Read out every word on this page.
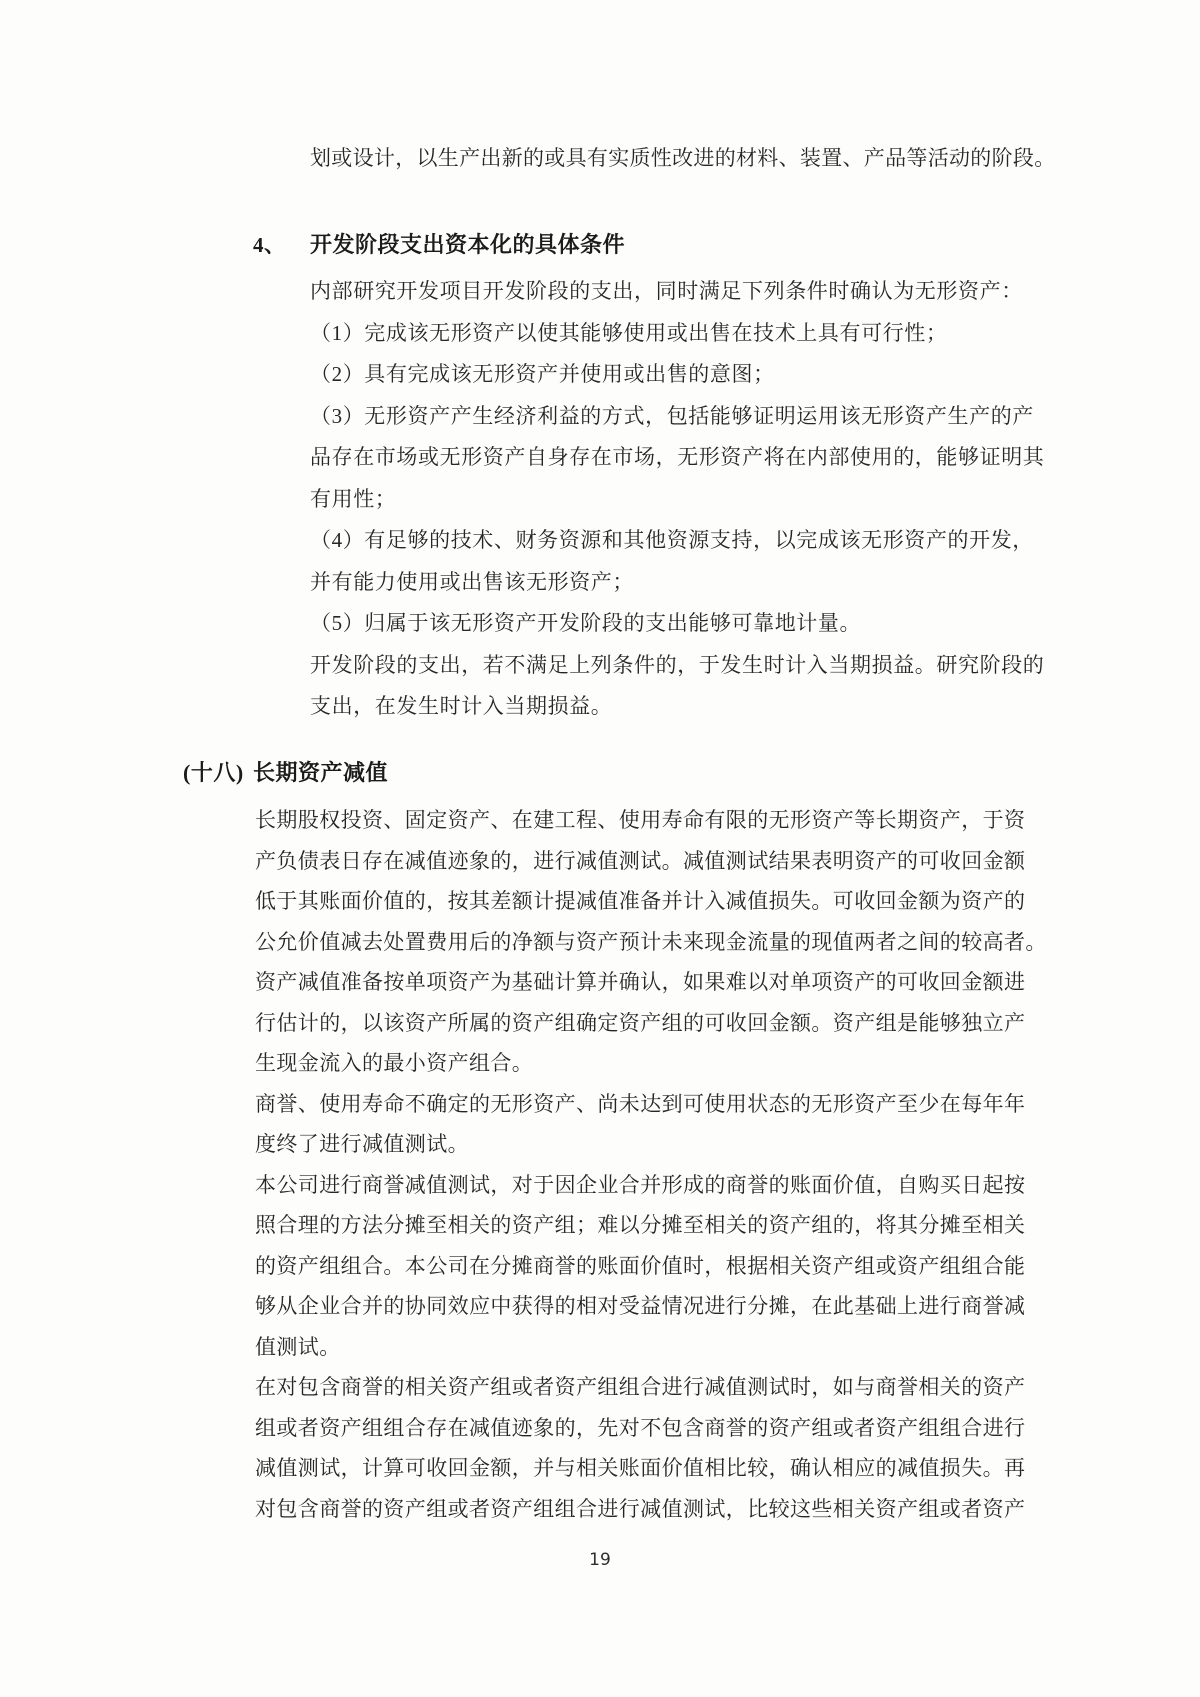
划或设计，以生产出新的或具有实质性改进的材料、装置、产品等活动的阶段。
4、 开发阶段支出资本化的具体条件
内部研究开发项目开发阶段的支出，同时满足下列条件时确认为无形资产：
（1）完成该无形资产以使其能够使用或出售在技术上具有可行性；
（2）具有完成该无形资产并使用或出售的意图；
（3）无形资产产生经济利益的方式，包括能够证明运用该无形资产生产的产
品存在市场或无形资产自身存在市场，无形资产将在内部使用的，能够证明其
有用性；
（4）有足够的技术、财务资源和其他资源支持，以完成该无形资产的开发，
并有能力使用或出售该无形资产；
（5）归属于该无形资产开发阶段的支出能够可靠地计量。
开发阶段的支出，若不满足上列条件的，于发生时计入当期损益。研究阶段的
支出，在发生时计入当期损益。
(十八) 长期资产减值
长期股权投资、固定资产、在建工程、使用寿命有限的无形资产等长期资产，于资
产负债表日存在减值迹象的，进行减值测试。减值测试结果表明资产的可收回金额
低于其账面价值的，按其差额计提减值准备并计入减值损失。可收回金额为资产的
公允价值减去处置费用后的净额与资产预计未来现金流量的现值两者之间的较高者。
资产减值准备按单项资产为基础计算并确认，如果难以对单项资产的可收回金额进
行估计的，以该资产所属的资产组确定资产组的可收回金额。资产组是能够独立产
生现金流入的最小资产组合。
商誉、使用寿命不确定的无形资产、尚未达到可使用状态的无形资产至少在每年年
度终了进行减值测试。
本公司进行商誉减值测试，对于因企业合并形成的商誉的账面价值，自购买日起按
照合理的方法分摊至相关的资产组；难以分摊至相关的资产组的，将其分摊至相关
的资产组组合。本公司在分摊商誉的账面价值时，根据相关资产组或资产组组合能
够从企业合并的协同效应中获得的相对受益情况进行分摊，在此基础上进行商誉减
值测试。
在对包含商誉的相关资产组或者资产组组合进行减值测试时，如与商誉相关的资产
组或者资产组组合存在减值迹象的，先对不包含商誉的资产组或者资产组组合进行
减值测试，计算可收回金额，并与相关账面价值相比较，确认相应的减值损失。再
对包含商誉的资产组或者资产组组合进行减值测试，比较这些相关资产组或者资产
19
